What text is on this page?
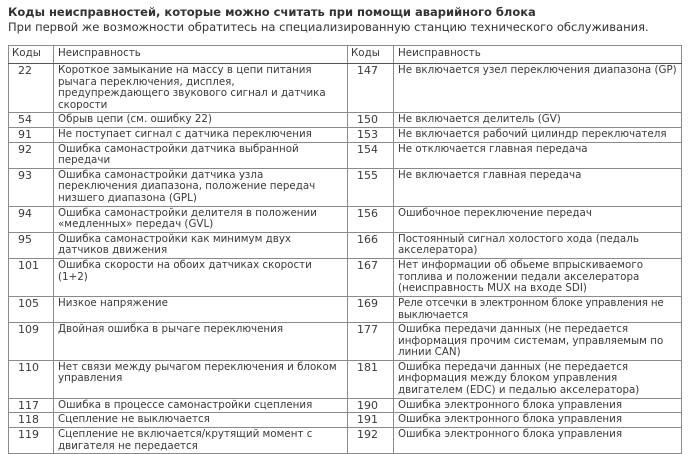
Коды неисправностей, которые можно считать при помощи аварийного блока
При первой же возможности обратитесь на специализированную станцию технического обслуживания.
Коды	Неисправность	Коды	Неисправность
22	Короткое замыкание на массу в цепи питания рычага переключения, дисплея, предупреждающего звукового сигнал и датчика скорости	147	Не включается узел переключения диапазона (GP)
54	Обрыв цепи (см. ошибку 22)	150	Не включается делитель (GV)
91	Не поступает сигнал с датчика переключения	153	Не включается рабочий цилиндр переключателя
92	Ошибка самонастройки датчика выбранной передачи	154	Не отключается главная передача
93	Ошибка самонастройки датчика узла переключения диапазона, положение передач низшего диапазона (GPL)	155	Не включается главная передача
94	Ошибка самонастройки делителя в положении «медленных» передач (GVL)	156	Ошибочное переключение передач
95	Ошибка самонастройки как минимум двух датчиков движения	166	Постоянный сигнал холостого хода (педаль акселератора)
101	Ошибка скорости на обоих датчиках скорости (1+2)	167	Нет информации об обьеме впрыскиваемого топлива и положении педали акселератора (неисправность MUX на входе SDI)
105	Низкое напряжение	169	Реле отсечки в электронном блоке управления не выключается
109	Двойная ошибка в рычаге переключения	177	Ошибка передачи данных (не передается информация прочим системам, управляемым по линии CAN)
110	Нет связи между рычагом переключения и блоком управления	181	Ошибка передачи данных (не передается информация между блоком управления двигателем (EDC) и педалью акселератора)
117	Ошибка в процессе самонастройки сцепления	190	Ошибка электронного блока управления
118	Сцепление не выключается	191	Ошибка электронного блока управления
119	Сцепление не включается/крутящий момент с двигателя не передается	192	Ошибка электронного блока управления
